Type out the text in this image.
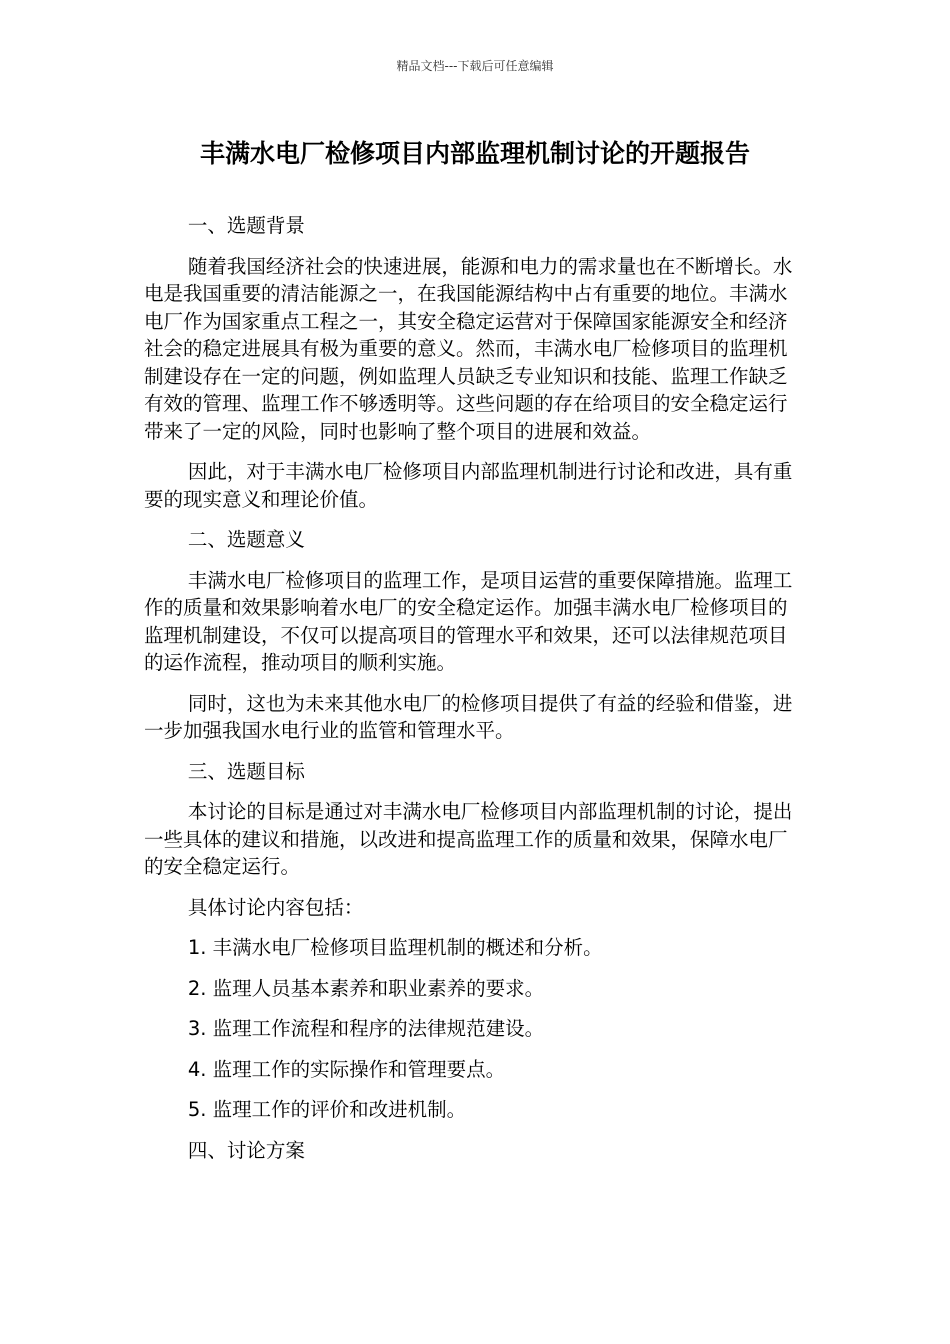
精品文档---下载后可任意编辑
丰满水电厂检修项目内部监理机制讨论的开题报告

一、选题背景

随着我国经济社会的快速进展，能源和电力的需求量也在不断增长。水电是我国重要的清洁能源之一，在我国能源结构中占有重要的地位。丰满水电厂作为国家重点工程之一，其安全稳定运营对于保障国家能源安全和经济社会的稳定进展具有极为重要的意义。然而，丰满水电厂检修项目的监理机制建设存在一定的问题，例如监理人员缺乏专业知识和技能、监理工作缺乏有效的管理、监理工作不够透明等。这些问题的存在给项目的安全稳定运行带来了一定的风险，同时也影响了整个项目的进展和效益。

因此，对于丰满水电厂检修项目内部监理机制进行讨论和改进，具有重要的现实意义和理论价值。

二、选题意义

丰满水电厂检修项目的监理工作，是项目运营的重要保障措施。监理工作的质量和效果影响着水电厂的安全稳定运作。加强丰满水电厂检修项目的监理机制建设，不仅可以提高项目的管理水平和效果，还可以法律规范项目的运作流程，推动项目的顺利实施。

同时，这也为未来其他水电厂的检修项目提供了有益的经验和借鉴，进一步加强我国水电行业的监管和管理水平。

三、选题目标

本讨论的目标是通过对丰满水电厂检修项目内部监理机制的讨论，提出一些具体的建议和措施，以改进和提高监理工作的质量和效果，保障水电厂的安全稳定运行。

具体讨论内容包括：

1. 丰满水电厂检修项目监理机制的概述和分析。

2. 监理人员基本素养和职业素养的要求。

3. 监理工作流程和程序的法律规范建设。

4. 监理工作的实际操作和管理要点。

5. 监理工作的评价和改进机制。

四、讨论方案
